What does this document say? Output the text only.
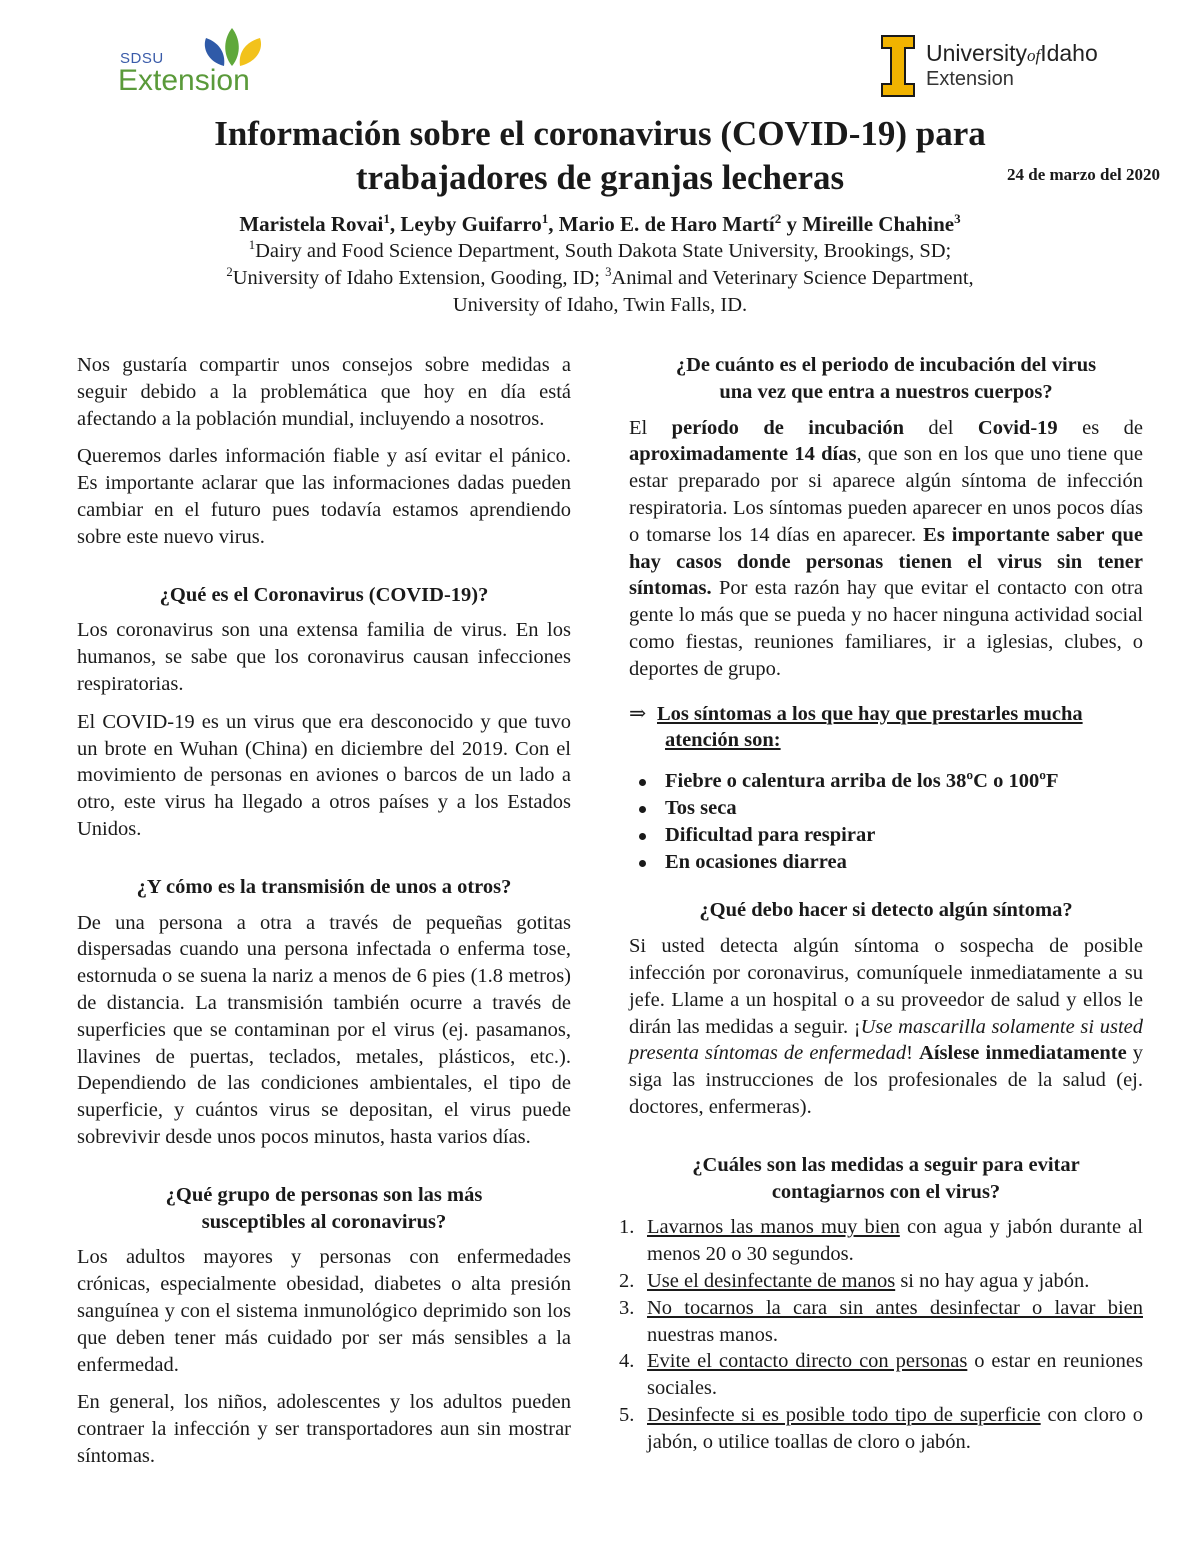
SDSU
Extension
UniversityofIdaho
Extension
Información sobre el coronavirus (COVID-19) para
trabajadores de granjas lecheras	24 de marzo del 2020
Maristela Rovai$^1$, Leyby Guifarro$^1$, Mario E. de Haro Martí$^2$ y Mireille Chahine$^3$
$^1$Dairy and Food Science Department, South Dakota State University, Brookings, SD;
$^2$University of Idaho Extension, Gooding, ID; $^3$Animal and Veterinary Science Department,
University of Idaho, Twin Falls, ID.

Nos gustaría compartir unos consejos sobre medidas a seguir debido a la problemática que hoy en día está afectando a la población mundial, incluyendo a nosotros.

Queremos darles información fiable y así evitar el pánico. Es importante aclarar que las informaciones dadas pueden cambiar en el futuro pues todavía estamos aprendiendo sobre este nuevo virus.

¿Qué es el Coronavirus (COVID-19)?

Los coronavirus son una extensa familia de virus. En los humanos, se sabe que los coronavirus causan infecciones respiratorias.

El COVID-19 es un virus que era desconocido y que tuvo un brote en Wuhan (China) en diciembre del 2019. Con el movimiento de personas en aviones o barcos de un lado a otro, este virus ha llegado a otros países y a los Estados Unidos.

¿Y cómo es la transmisión de unos a otros?

De una persona a otra a través de pequeñas gotitas dispersadas cuando una persona infectada o enferma tose, estornuda o se suena la nariz a menos de 6 pies (1.8 metros) de distancia. La transmisión también ocurre a través de superficies que se contaminan por el virus (ej. pasamanos, llavines de puertas, teclados, metales, plásticos, etc.). Dependiendo de las condiciones ambientales, el tipo de superficie, y cuántos virus se depositan, el virus puede sobrevivir desde unos pocos minutos, hasta varios días.

¿Qué grupo de personas son las más
susceptibles al coronavirus?

Los adultos mayores y personas con enfermedades crónicas, especialmente obesidad, diabetes o alta presión sanguínea y con el sistema inmunológico deprimido son los que deben tener más cuidado por ser más sensibles a la enfermedad.

En general, los niños, adolescentes y los adultos pueden contraer la infección y ser transportadores aun sin mostrar síntomas.

¿De cuánto es el periodo de incubación del virus
una vez que entra a nuestros cuerpos?

El período de incubación del Covid-19 es de aproximadamente 14 días, que son en los que uno tiene que estar preparado por si aparece algún síntoma de infección respiratoria. Los síntomas pueden aparecer en unos pocos días o tomarse los 14 días en aparecer. Es importante saber que hay casos donde personas tienen el virus sin tener síntomas. Por esta razón hay que evitar el contacto con otra gente lo más que se pueda y no hacer ninguna actividad social como fiestas, reuniones familiares, ir a iglesias, clubes, o deportes de grupo.

⇒ Los síntomas a los que hay que prestarles mucha
atención son:
Fiebre o calentura arriba de los 38ºC o 100ºF
Tos seca
Dificultad para respirar
En ocasiones diarrea
¿Qué debo hacer si detecto algún síntoma?

Si usted detecta algún síntoma o sospecha de posible infección por coronavirus, comuníquele inmediatamente a su jefe. Llame a un hospital o a su proveedor de salud y ellos le dirán las medidas a seguir. ¡Use mascarilla solamente si usted presenta síntomas de enfermedad! Aíslese inmediatamente y siga las instrucciones de los profesionales de la salud (ej. doctores, enfermeras).

¿Cuáles son las medidas a seguir para evitar
contagiarnos con el virus?
1. Lavarnos las manos muy bien con agua y jabón durante al menos 20 o 30 segundos.
2. Use el desinfectante de manos si no hay agua y jabón.
3. No tocarnos la cara sin antes desinfectar o lavar bien nuestras manos.
4. Evite el contacto directo con personas o estar en reuniones sociales.
5. Desinfecte si es posible todo tipo de superficie con cloro o jabón, o utilice toallas de cloro o jabón.
